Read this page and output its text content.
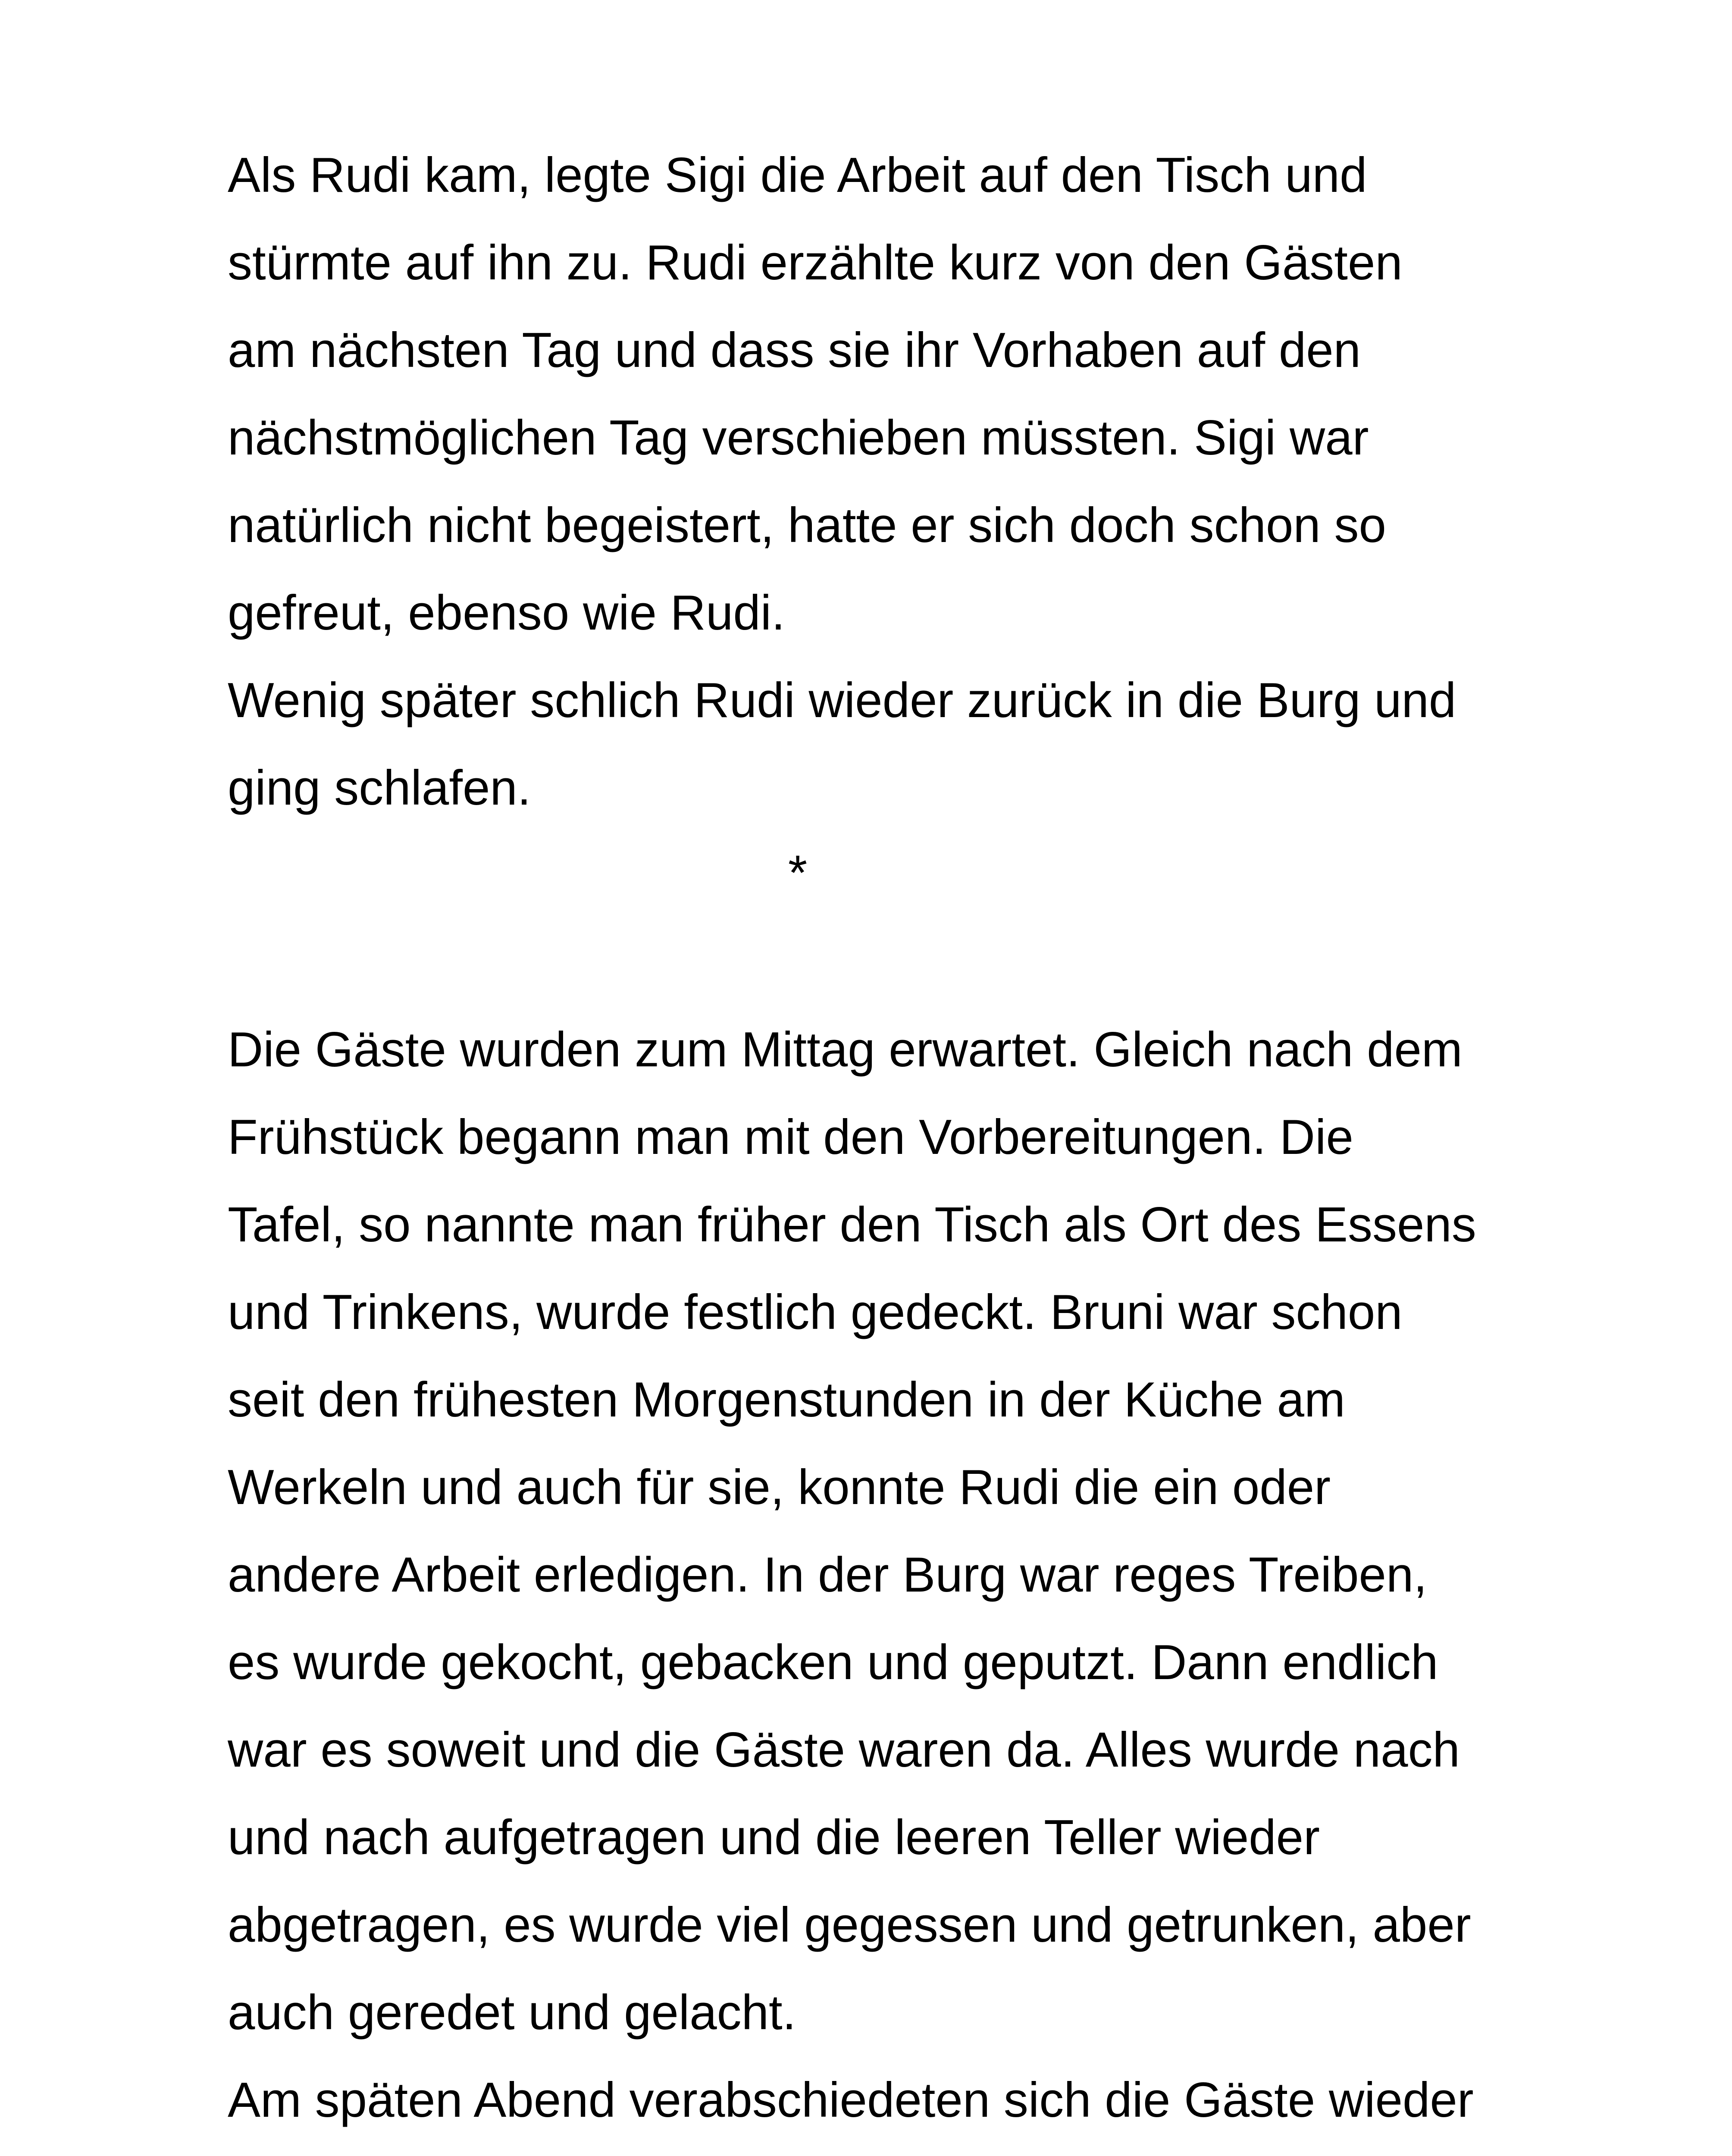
Als Rudi kam, legte Sigi die Arbeit auf den Tisch und
stürmte auf ihn zu. Rudi erzählte kurz von den Gästen
am nächsten Tag und dass sie ihr Vorhaben auf den
nächstmöglichen Tag verschieben müssten. Sigi war
natürlich nicht begeistert, hatte er sich doch schon so
gefreut, ebenso wie Rudi.
Wenig später schlich Rudi wieder zurück in die Burg und
ging schlafen.
*
Die Gäste wurden zum Mittag erwartet. Gleich nach dem
Frühstück begann man mit den Vorbereitungen. Die
Tafel, so nannte man früher den Tisch als Ort des Essens
und Trinkens, wurde festlich gedeckt. Bruni war schon
seit den frühesten Morgenstunden in der Küche am
Werkeln und auch für sie, konnte Rudi die ein oder
andere Arbeit erledigen. In der Burg war reges Treiben,
es wurde gekocht, gebacken und geputzt. Dann endlich
war es soweit und die Gäste waren da. Alles wurde nach
und nach aufgetragen und die leeren Teller wieder
abgetragen, es wurde viel gegessen und getrunken, aber
auch geredet und gelacht.
Am späten Abend verabschiedeten sich die Gäste wieder
